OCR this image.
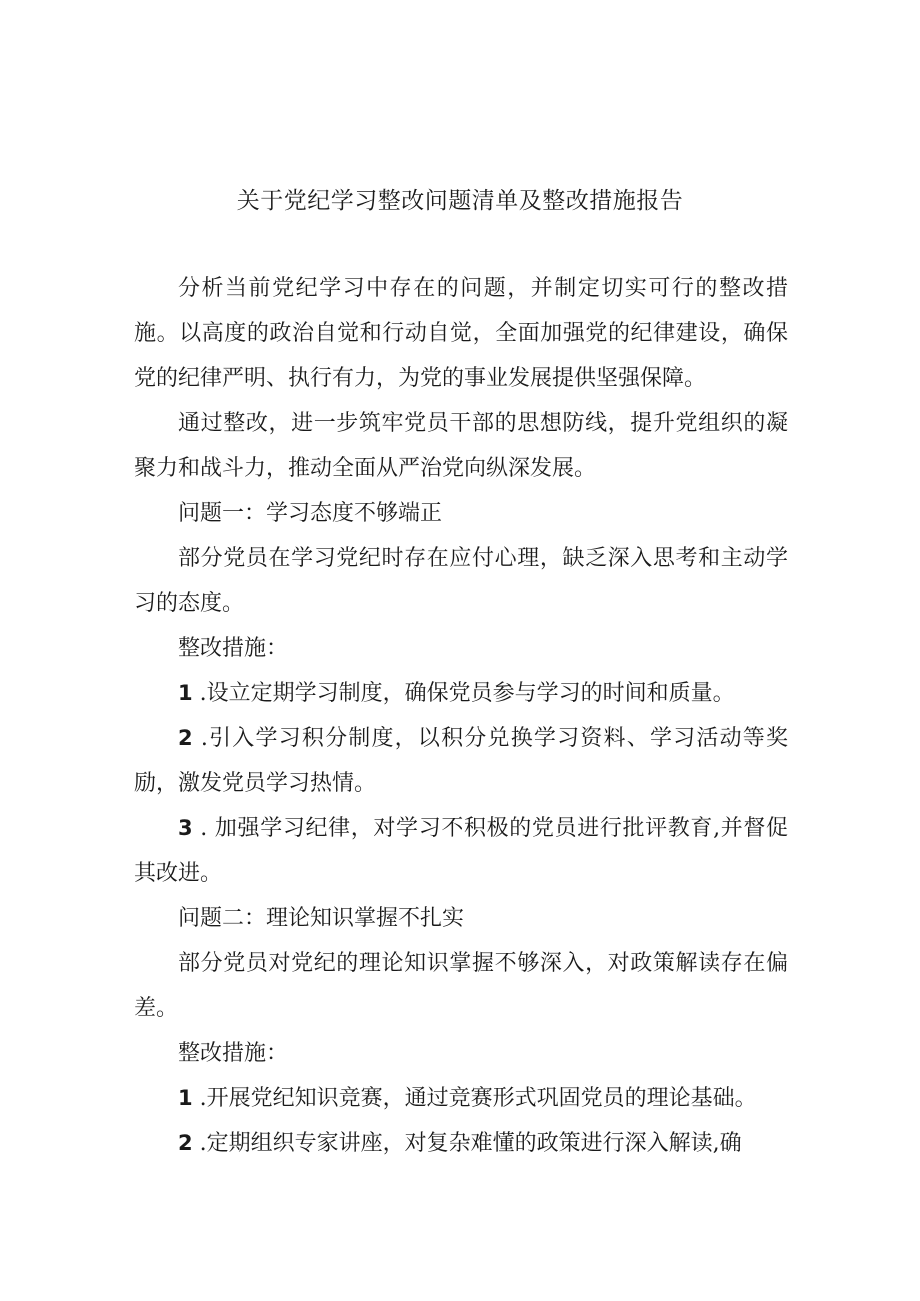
关于党纪学习整改问题清单及整改措施报告

分析当前党纪学习中存在的问题，并制定切实可行的整改措施。以高度的政治自觉和行动自觉，全面加强党的纪律建设，确保党的纪律严明、执行有力，为党的事业发展提供坚强保障。

通过整改，进一步筑牢党员干部的思想防线，提升党组织的凝聚力和战斗力，推动全面从严治党向纵深发展。

问题一：学习态度不够端正

部分党员在学习党纪时存在应付心理，缺乏深入思考和主动学习的态度。

整改措施：

1 .设立定期学习制度，确保党员参与学习的时间和质量。

2 .引入学习积分制度，以积分兑换学习资料、学习活动等奖励，激发党员学习热情。

3 . 加强学习纪律，对学习不积极的党员进行批评教育,并督促其改进。

问题二：理论知识掌握不扎实

部分党员对党纪的理论知识掌握不够深入，对政策解读存在偏差。

整改措施：

1 .开展党纪知识竞赛，通过竞赛形式巩固党员的理论基础。

2 .定期组织专家讲座，对复杂难懂的政策进行深入解读,确
